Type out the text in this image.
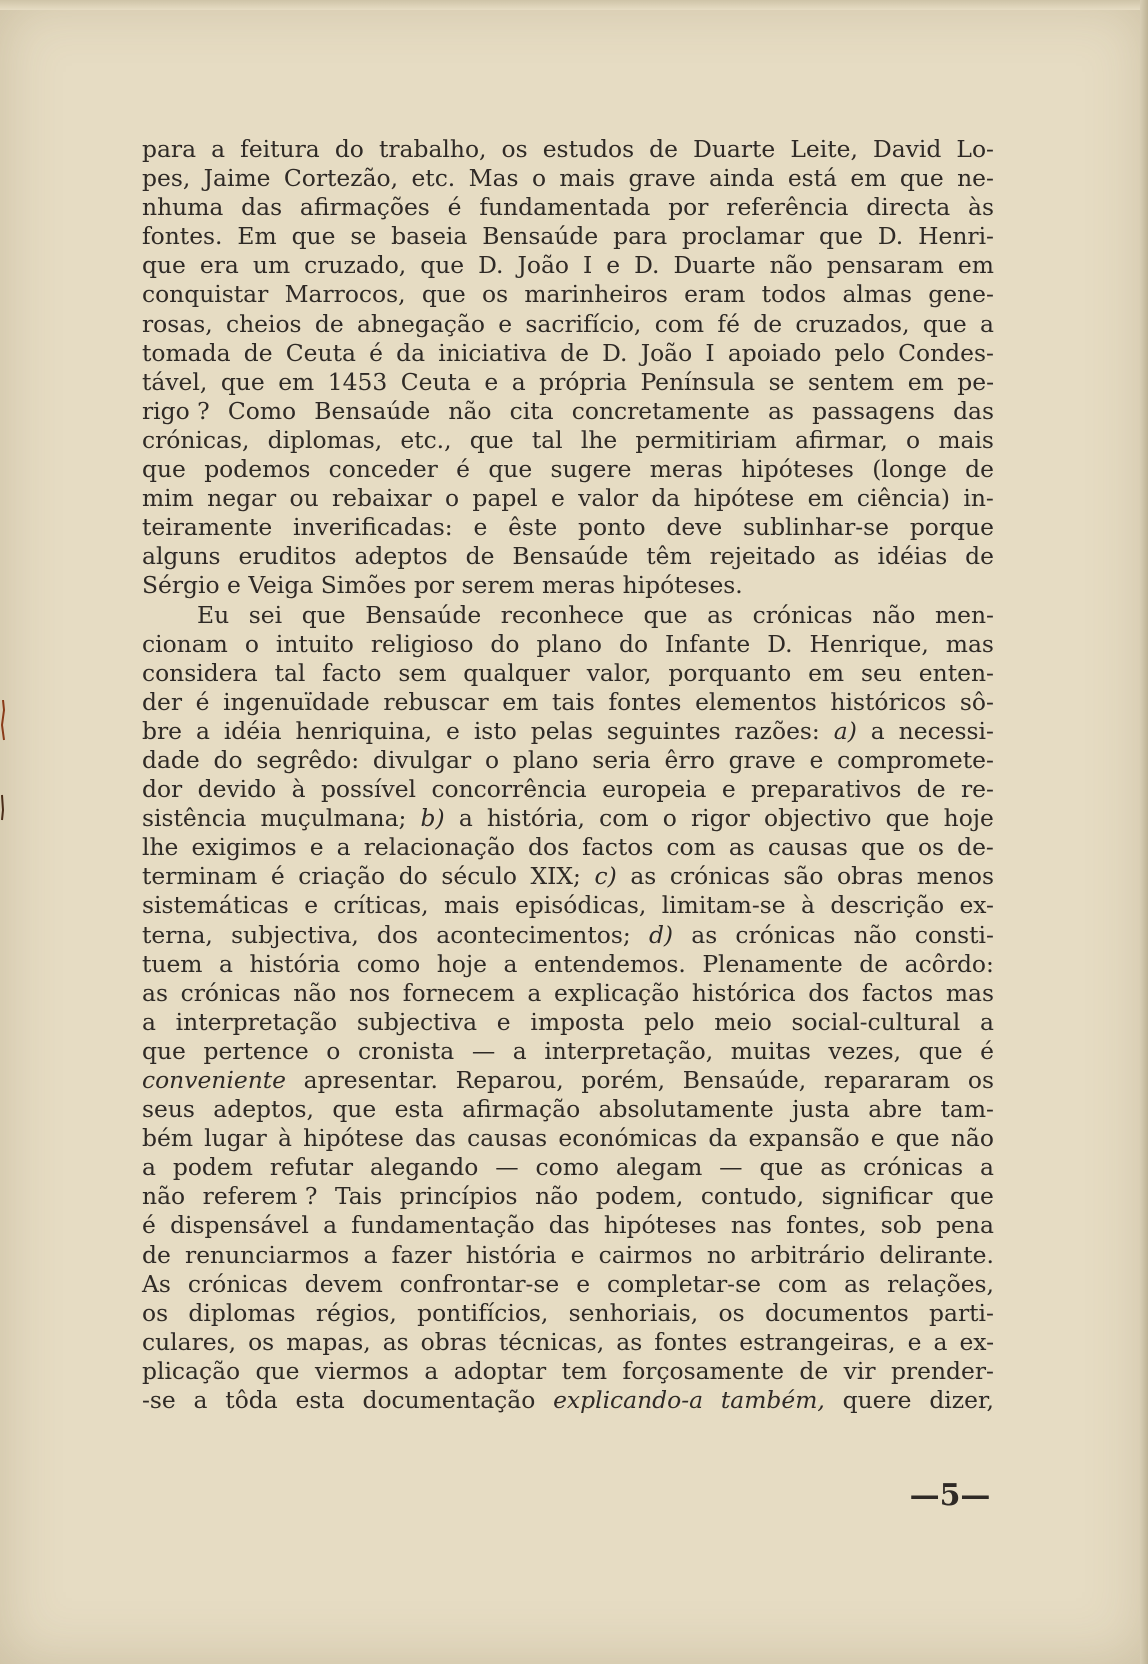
para a feitura do trabalho, os estudos de Duarte Leite, David Lo-
pes, Jaime Cortezão, etc. Mas o mais grave ainda está em que ne-
nhuma das afirmações é fundamentada por referência directa às
fontes. Em que se baseia Bensaúde para proclamar que D. Henri-
que era um cruzado, que D. João I e D. Duarte não pensaram em
conquistar Marrocos, que os marinheiros eram todos almas gene-
rosas, cheios de abnegação e sacrifício, com fé de cruzados, que a
tomada de Ceuta é da iniciativa de D. João I apoiado pelo Condes-
tável, que em 1453 Ceuta e a própria Península se sentem em pe-
rigo ? Como Bensaúde não cita concretamente as passagens das
crónicas, diplomas, etc., que tal lhe permitiriam afirmar, o mais
que podemos conceder é que sugere meras hipóteses (longe de
mim negar ou rebaixar o papel e valor da hipótese em ciência) in-
teiramente inverificadas: e êste ponto deve sublinhar-se porque
alguns eruditos adeptos de Bensaúde têm rejeitado as idéias de
Sérgio
e
Veiga
Simões
por
serem
meras
hipóteses.
Eu sei que Bensaúde reconhece que as crónicas não men-
cionam o intuito religioso do plano do Infante D. Henrique, mas
considera tal facto sem qualquer valor, porquanto em seu enten-
der é ingenuïdade rebuscar em tais fontes elementos históricos sô-
bre a idéia henriquina, e isto pelas seguintes razões: a) a necessi-
dade do segrêdo: divulgar o plano seria êrro grave e compromete-
dor devido à possível concorrência europeia e preparativos de re-
sistência muçulmana; b) a história, com o rigor objectivo que hoje
lhe exigimos e a relacionação dos factos com as causas que os de-
terminam é criação do século XIX; c) as crónicas são obras menos
sistemáticas e críticas, mais episódicas, limitam-se à descrição ex-
terna, subjectiva, dos acontecimentos; d) as crónicas não consti-
tuem a história como hoje a entendemos. Plenamente de acôrdo:
as crónicas não nos fornecem a explicação histórica dos factos mas
a interpretação subjectiva e imposta pelo meio social-cultural a
que pertence o cronista — a interpretação, muitas vezes, que é
conveniente apresentar. Reparou, porém, Bensaúde, repararam os
seus adeptos, que esta afirmação absolutamente justa abre tam-
bém lugar à hipótese das causas económicas da expansão e que não
a podem refutar alegando — como alegam — que as crónicas a
não referem ? Tais princípios não podem, contudo, significar que
é dispensável a fundamentação das hipóteses nas fontes, sob pena
de renunciarmos a fazer história e cairmos no arbitrário delirante.
As crónicas devem confrontar-se e completar-se com as relações,
os diplomas régios, pontifícios, senhoriais, os documentos parti-
culares, os mapas, as obras técnicas, as fontes estrangeiras, e a ex-
plicação que viermos a adoptar tem forçosamente de vir prender-
-se a tôda esta documentação explicando-a também, quere dizer,
—5—
